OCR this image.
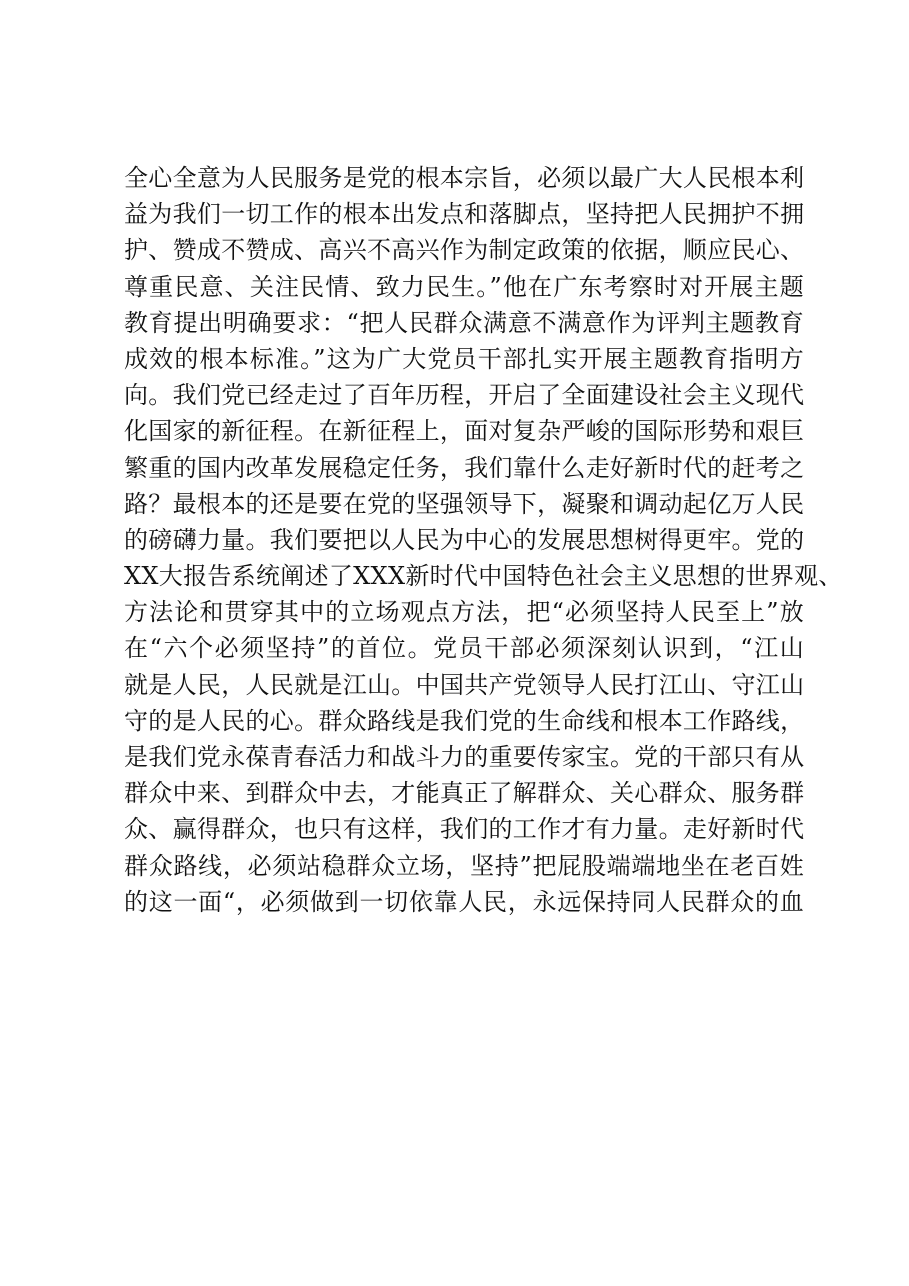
全心全意为人民服务是党的根本宗旨，必须以最广大人民根本利
益为我们一切工作的根本出发点和落脚点，坚持把人民拥护不拥
护、赞成不赞成、高兴不高兴作为制定政策的依据，顺应民心、
尊重民意、关注民情、致力民生。”他在广东考察时对开展主题
教育提出明确要求：“把人民群众满意不满意作为评判主题教育
成效的根本标准。”这为广大党员干部扎实开展主题教育指明方
向。我们党已经走过了百年历程，开启了全面建设社会主义现代
化国家的新征程。在新征程上，面对复杂严峻的国际形势和艰巨
繁重的国内改革发展稳定任务，我们靠什么走好新时代的赶考之
路？最根本的还是要在党的坚强领导下，凝聚和调动起亿万人民
的磅礴力量。我们要把以人民为中心的发展思想树得更牢。党的
XX大报告系统阐述了XXX新时代中国特色社会主义思想的世界观、
方法论和贯穿其中的立场观点方法，把“必须坚持人民至上”放
在“六个必须坚持”的首位。党员干部必须深刻认识到，“江山
就是人民，人民就是江山。中国共产党领导人民打江山、守江山
守的是人民的心。群众路线是我们党的生命线和根本工作路线，
是我们党永葆青春活力和战斗力的重要传家宝。党的干部只有从
群众中来、到群众中去，才能真正了解群众、关心群众、服务群
众、赢得群众，也只有这样，我们的工作才有力量。走好新时代
群众路线，必须站稳群众立场，坚持”把屁股端端地坐在老百姓
的这一面“，必须做到一切依靠人民，永远保持同人民群众的血
